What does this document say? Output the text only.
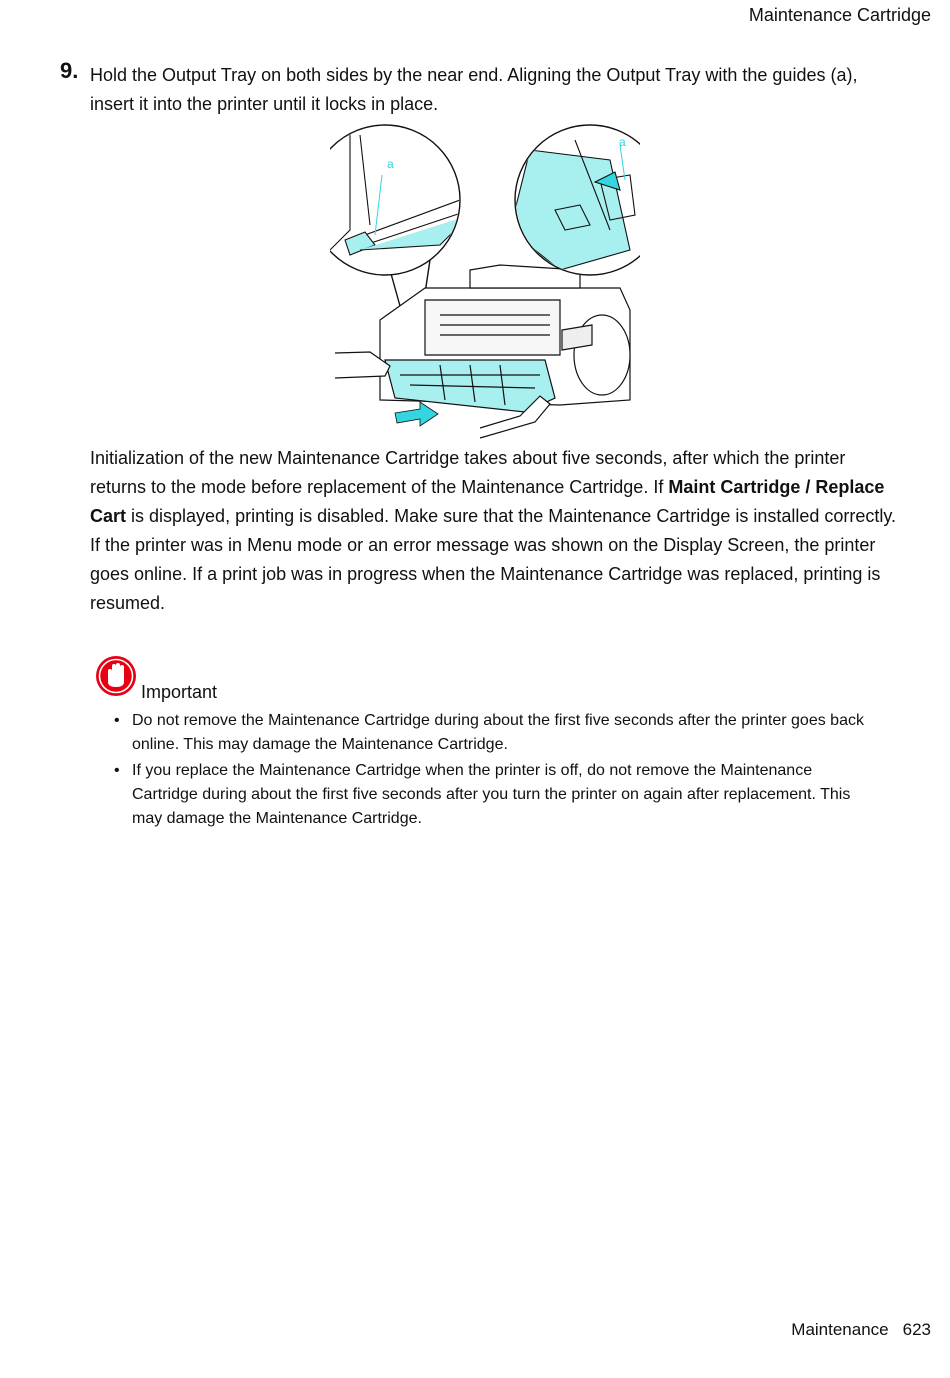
Maintenance Cartridge
9. Hold the Output Tray on both sides by the near end. Aligning the Output Tray with the guides (a),
insert it into the printer until it locks in place.
a
a

Initialization of the new Maintenance Cartridge takes about five seconds, after which the printer returns to the mode before replacement of the Maintenance Cartridge. If Maint Cartridge / Replace Cart is displayed, printing is disabled. Make sure that the Maintenance Cartridge is installed correctly.

If the printer was in Menu mode or an error message was shown on the Display Screen, the printer goes online. If a print job was in progress when the Maintenance Cartridge was replaced, printing is resumed.

Important
• Do not remove the Maintenance Cartridge during about the first five seconds after the printer goes back online. This may damage the Maintenance Cartridge.
• If you replace the Maintenance Cartridge when the printer is off, do not remove the Maintenance Cartridge during about the first five seconds after you turn the printer on again after replacement. This may damage the Maintenance Cartridge.
Maintenance 623
